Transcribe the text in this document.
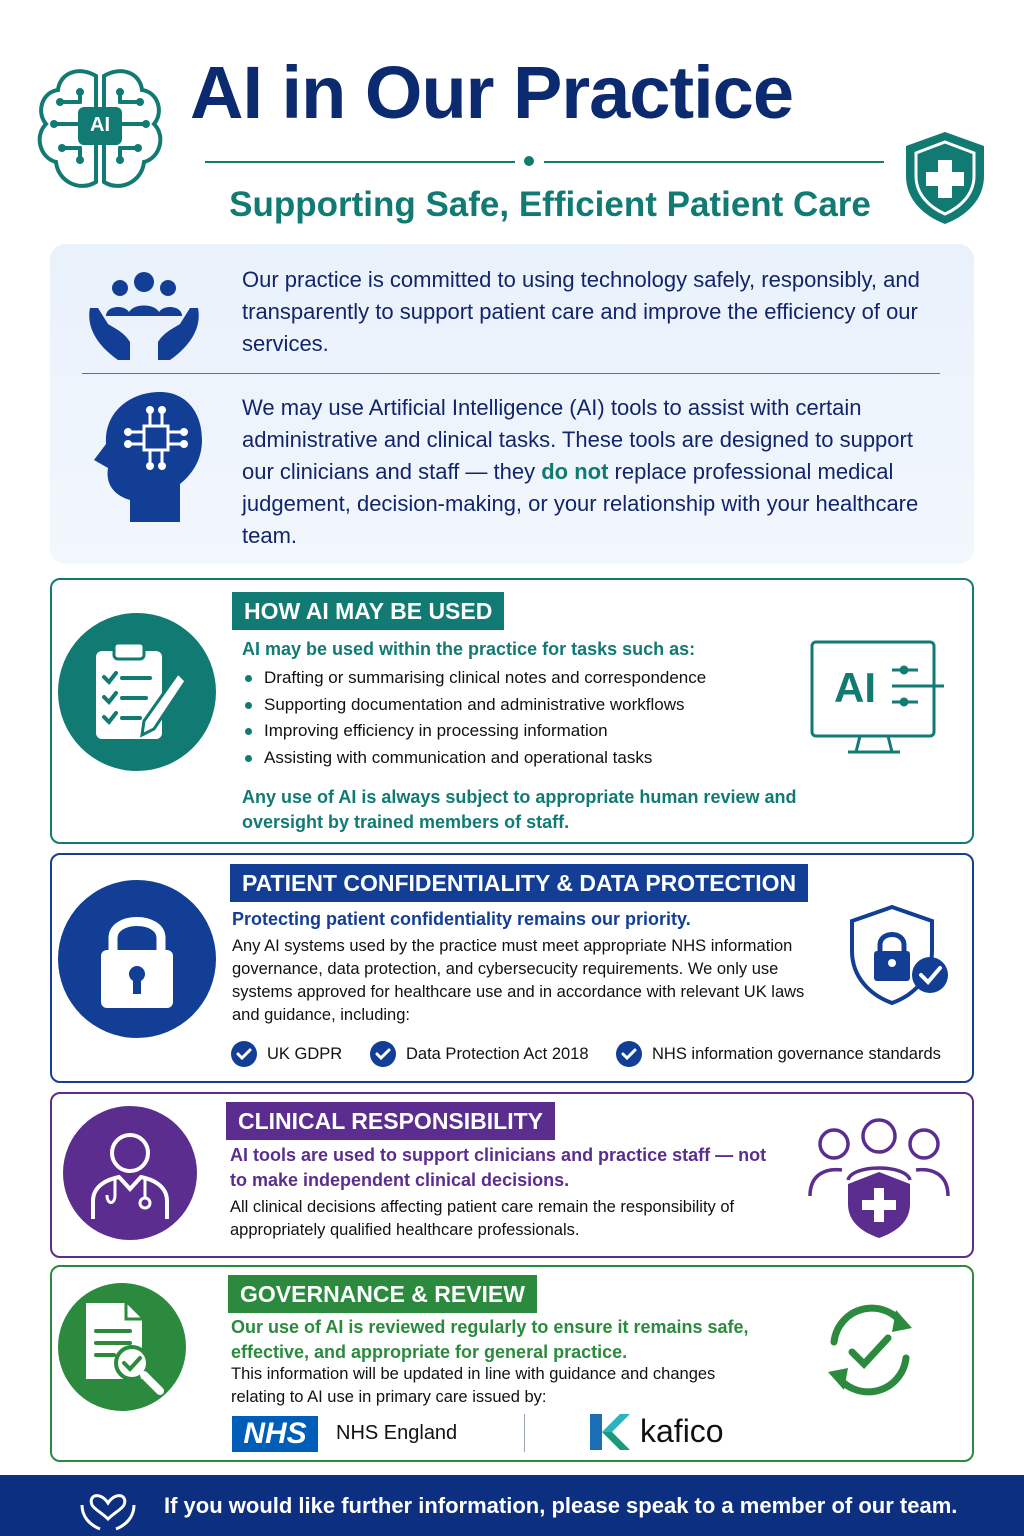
AI AI in Our Practice
Supporting Safe, Efficient Patient Care
Our practice is committed to using technology safely, responsibly, and transparently to support patient care and improve the efficiency of our services.
We may use Artificial Intelligence (AI) tools to assist with certain administrative and clinical tasks. These tools are designed to support our clinicians and staff — they do not replace professional medical judgement, decision-making, or your relationship with your healthcare team.
HOW AI MAY BE USED
AI may be used within the practice for tasks such as:
Drafting or summarising clinical notes and correspondence
Supporting documentation and administrative workflows
Improving efficiency in processing information
Assisting with communication and operational tasks
Any use of AI is always subject to appropriate human review and oversight by trained members of staff.
AI
PATIENT CONFIDENTIALITY & DATA PROTECTION
Protecting patient confidentiality remains our priority.
Any AI systems used by the practice must meet appropriate NHS information governance, data protection, and cybersecucity requirements. We only use systems approved for healthcare use and in accordance with relevant UK laws and guidance, including:
UK GDPR	Data Protection Act 2018	NHS information governance standards
CLINICAL RESPONSIBILITY
AI tools are used to support clinicians and practice staff — not to make independent clinical decisions.
All clinical decisions affecting patient care remain the responsibility of appropriately qualified healthcare professionals.
GOVERNANCE & REVIEW
Our use of AI is reviewed regularly to ensure it remains safe, effective, and appropriate for general practice.
This information will be updated in line with guidance and changes relating to AI use in primary care issued by:
NHS	NHS England	kafico
If you would like further information, please speak to a member of our team.
